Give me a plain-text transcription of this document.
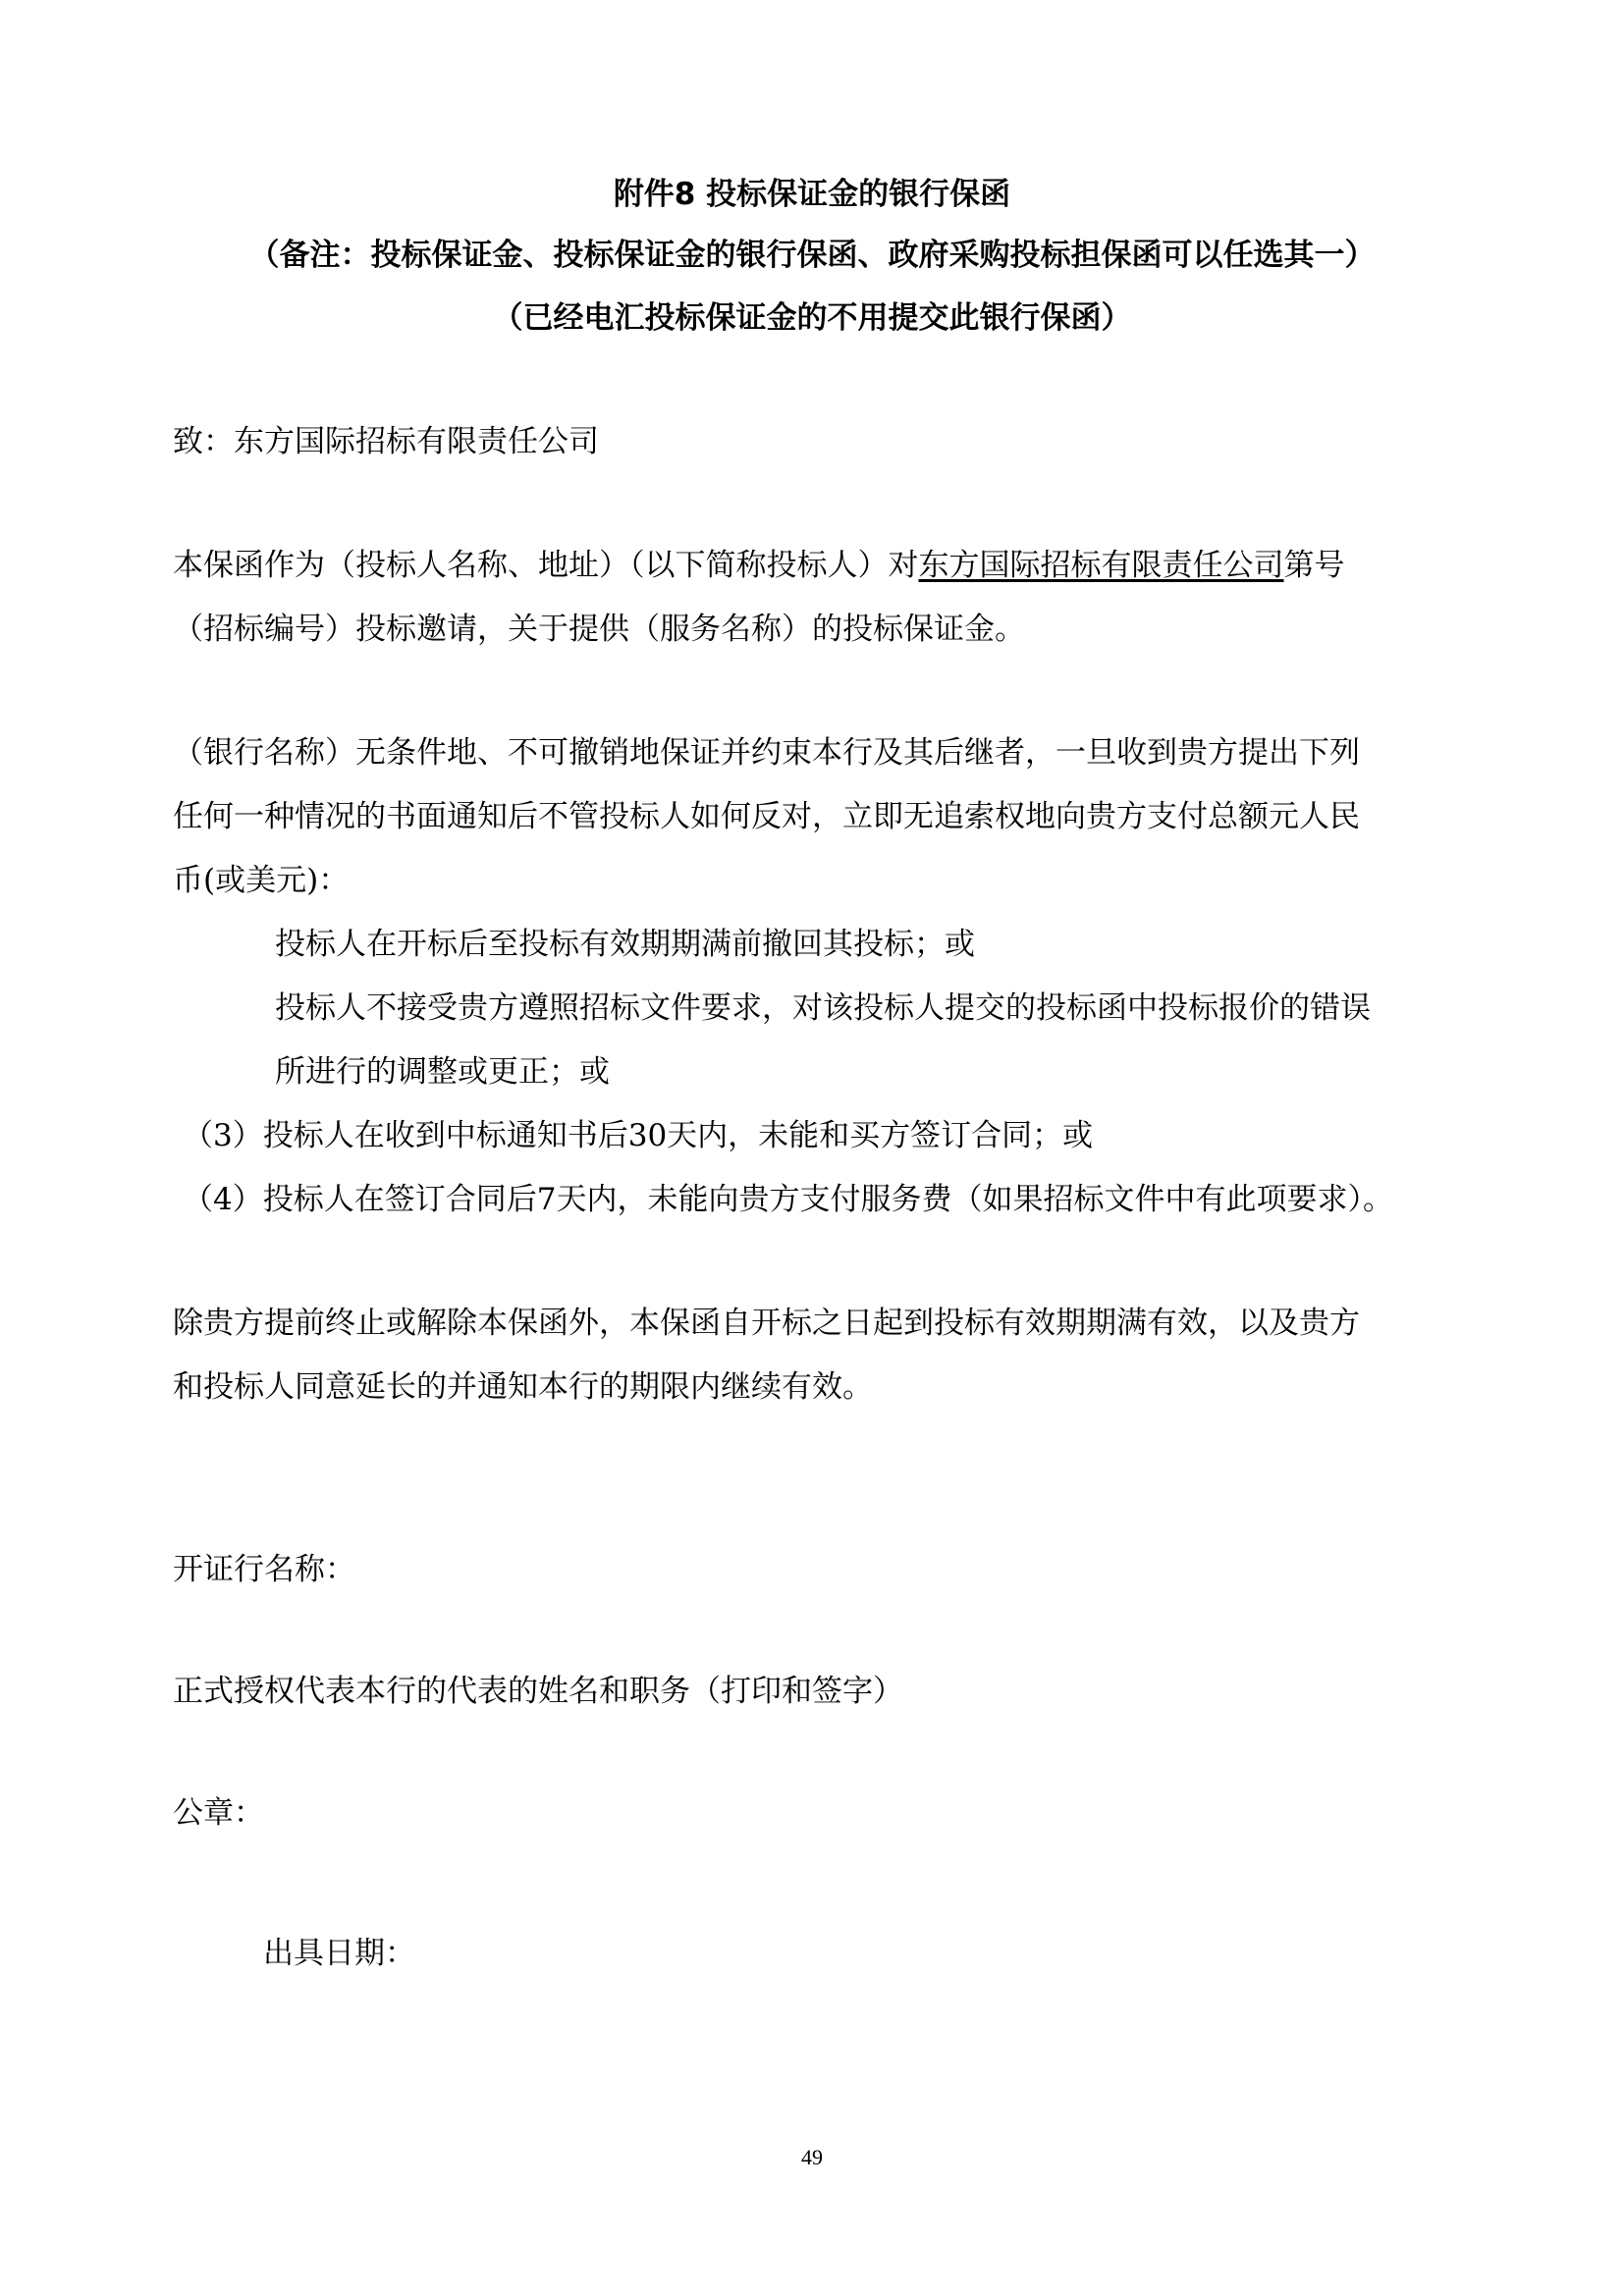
附件8 投标保证金的银行保函
（备注：投标保证金、投标保证金的银行保函、政府采购投标担保函可以任选其一）
（已经电汇投标保证金的不用提交此银行保函）
致：东方国际招标有限责任公司
本保函作为（投标人名称、地址）（以下简称投标人）对东方国际招标有限责任公司第号
（招标编号）投标邀请，关于提供（服务名称）的投标保证金。
（银行名称）无条件地、不可撤销地保证并约束本行及其后继者，一旦收到贵方提出下列
任何一种情况的书面通知后不管投标人如何反对，立即无追索权地向贵方支付总额元人民
币(或美元)：
投标人在开标后至投标有效期期满前撤回其投标；或
投标人不接受贵方遵照招标文件要求，对该投标人提交的投标函中投标报价的错误
所进行的调整或更正；或
（3）投标人在收到中标通知书后30天内，未能和买方签订合同；或
（4）投标人在签订合同后7天内，未能向贵方支付服务费（如果招标文件中有此项要求）。
除贵方提前终止或解除本保函外，本保函自开标之日起到投标有效期期满有效，以及贵方
和投标人同意延长的并通知本行的期限内继续有效。
开证行名称：
正式授权代表本行的代表的姓名和职务（打印和签字）
公章：
出具日期：
49
